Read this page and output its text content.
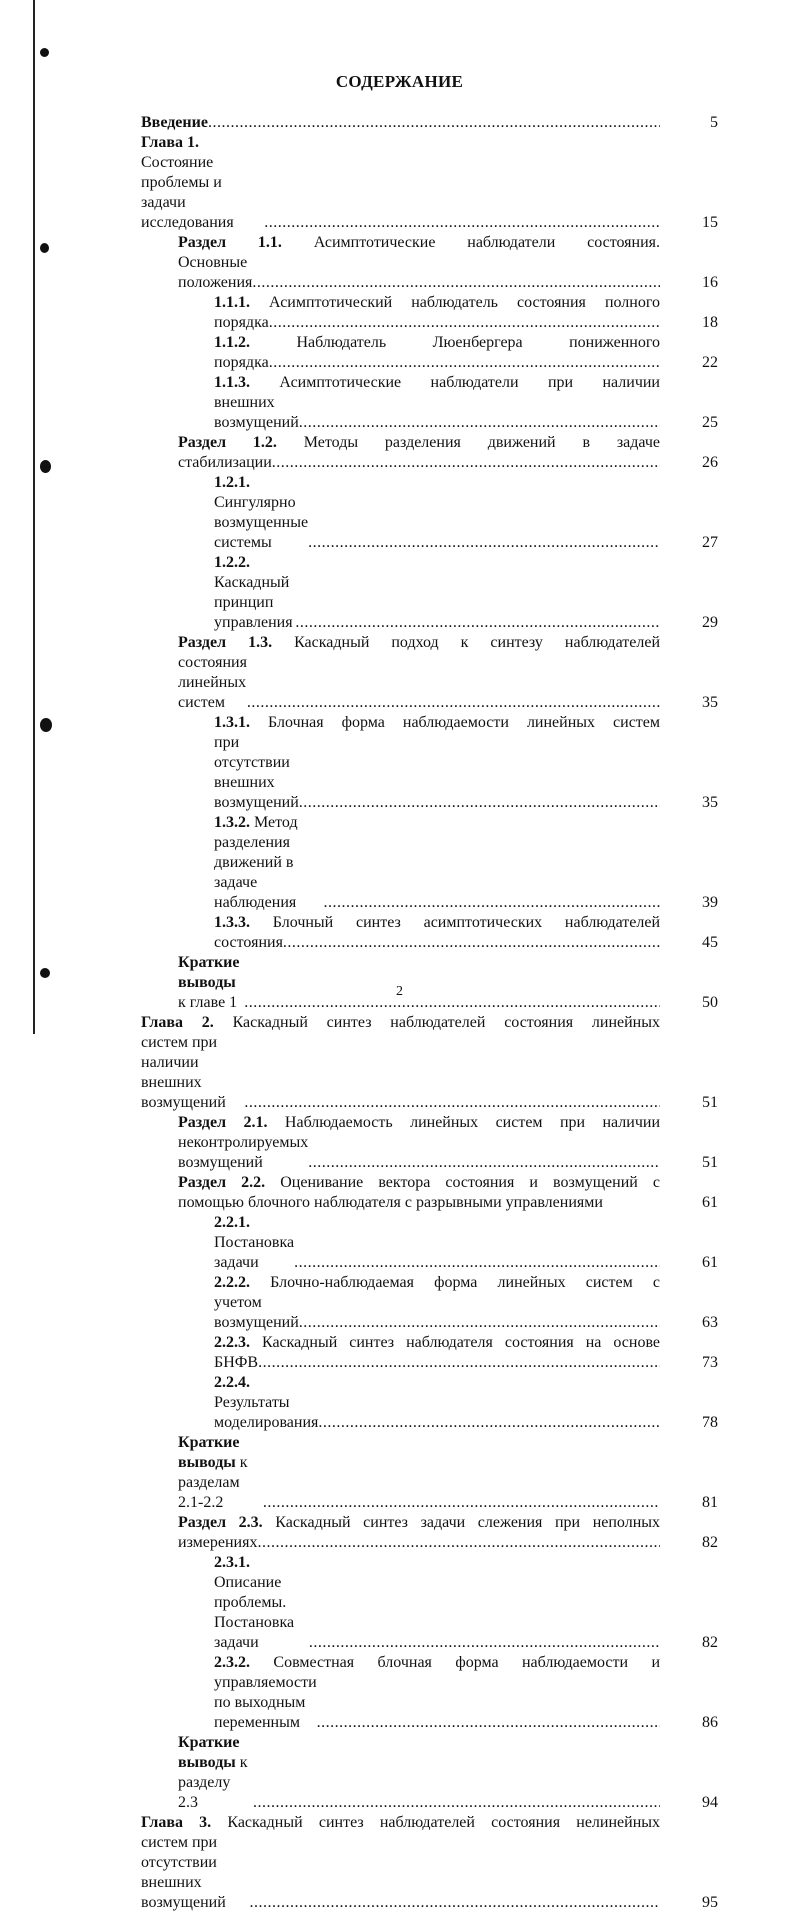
СОДЕРЖАНИЕ
Введение .....	5
Глава 1. Состояние проблемы и задачи исследования .....	15
Раздел 1.1. Асимптотические наблюдатели состояния.
Основные положения .....	16
1.1.1. Асимптотический наблюдатель состояния полного
порядка .....	18
1.1.2.	Наблюдатель Люенбергера пониженного
порядка .....	22
1.1.3. Асимптотические наблюдатели при наличии
внешних возмущений .....	25
Раздел 1.2. Методы разделения движений в задаче
стабилизации .....	26
1.2.1. Сингулярно возмущенные системы .....	27
1.2.2. Каскадный принцип управления .....	29
Раздел 1.3. Каскадный подход к синтезу наблюдателей
состояния линейных систем .....	35
1.3.1. Блочная форма наблюдаемости линейных систем
при отсутствии внешних возмущений .....	35
1.3.2. Метод разделения движений в задаче наблюдения .....	39
1.3.3. Блочный синтез асимптотических наблюдателей
состояния .....	45
Краткие выводы к главе 1 .....	50
Глава 2. Каскадный синтез наблюдателей состояния линейных
систем при наличии внешних возмущений .....	51
Раздел 2.1. Наблюдаемость линейных систем при наличии
неконтролируемых возмущений .....	51
Раздел 2.2. Оценивание вектора состояния и возмущений с
помощью блочного наблюдателя с разрывными управлениями	61
2.2.1. Постановка задачи .....	61
2.2.2. Блочно-наблюдаемая форма линейных систем с
учетом возмущений .....	63
2.2.3. Каскадный синтез наблюдателя состояния на основе
БНФВ .....	73
2.2.4. Результаты моделирования .....	78
Краткие выводы к разделам 2.1-2.2 .....	81
Раздел 2.3. Каскадный синтез задачи слежения при неполных
измерениях .....	82
2.3.1. Описание проблемы. Постановка задачи .....	82
2.3.2. Совместная блочная форма наблюдаемости и
управляемости по выходным переменным .....	86
Краткие выводы к разделу 2.3 .....	94
Глава 3. Каскадный синтез наблюдателей состояния нелинейных
систем при отсутствии внешних возмущений .....	95
2
